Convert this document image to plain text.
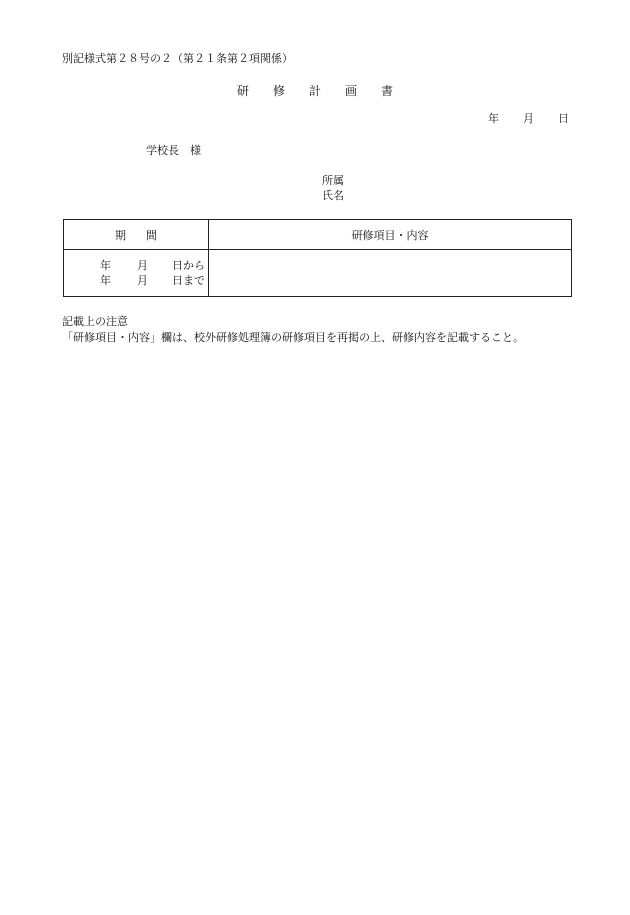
別記様式第２８号の２（第２１条第２項関係）
研 修 計 画 書
年 月 日
学校長　様
所属
氏名
期 間	研修項目・内容

年 月 日から
年 月 日まで	

記載上の注意
「研修項目・内容」欄は、校外研修処理簿の研修項目を再掲の上、研修内容を記載すること。
